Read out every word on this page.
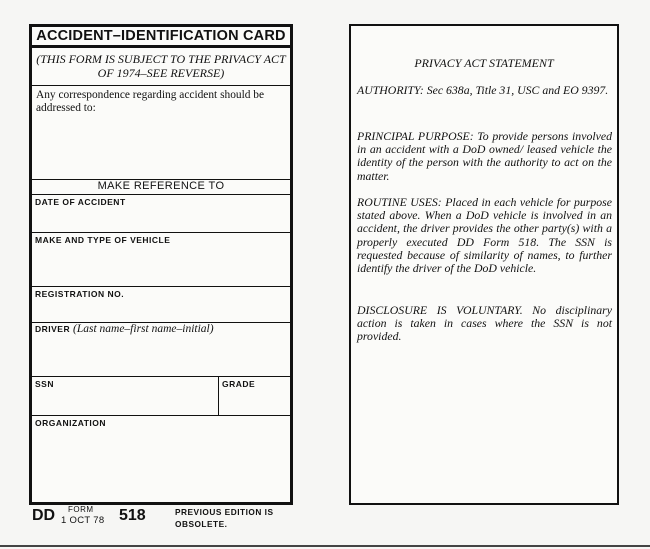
ACCIDENT–IDENTIFICATION CARD
(THIS FORM IS SUBJECT TO THE PRIVACY ACT OF 1974–SEE REVERSE)
Any correspondence regarding accident should be addressed to:
MAKE REFERENCE TO
DATE OF ACCIDENT
MAKE AND TYPE OF VEHICLE
REGISTRATION NO.
DRIVER (Last name–first name–initial)
SSN	GRADE
ORGANIZATION
DD FORM
1 OCT 78 518	PREVIOUS EDITION IS OBSOLETE.
PRIVACY ACT STATEMENT
AUTHORITY: Sec 638a, Title 31, USC and EO 9397.
PRINCIPAL PURPOSE: To provide persons involved in an accident with a DoD owned/ leased vehicle the identity of the person with the authority to act on the matter.
ROUTINE USES: Placed in each vehicle for purpose stated above. When a DoD vehicle is involved in an accident, the driver provides the other party(s) with a properly executed DD Form 518. The SSN is requested because of similarity of names, to further identify the driver of the DoD vehicle.
DISCLOSURE IS VOLUNTARY. No disciplinary action is taken in cases where the SSN is not provided.
